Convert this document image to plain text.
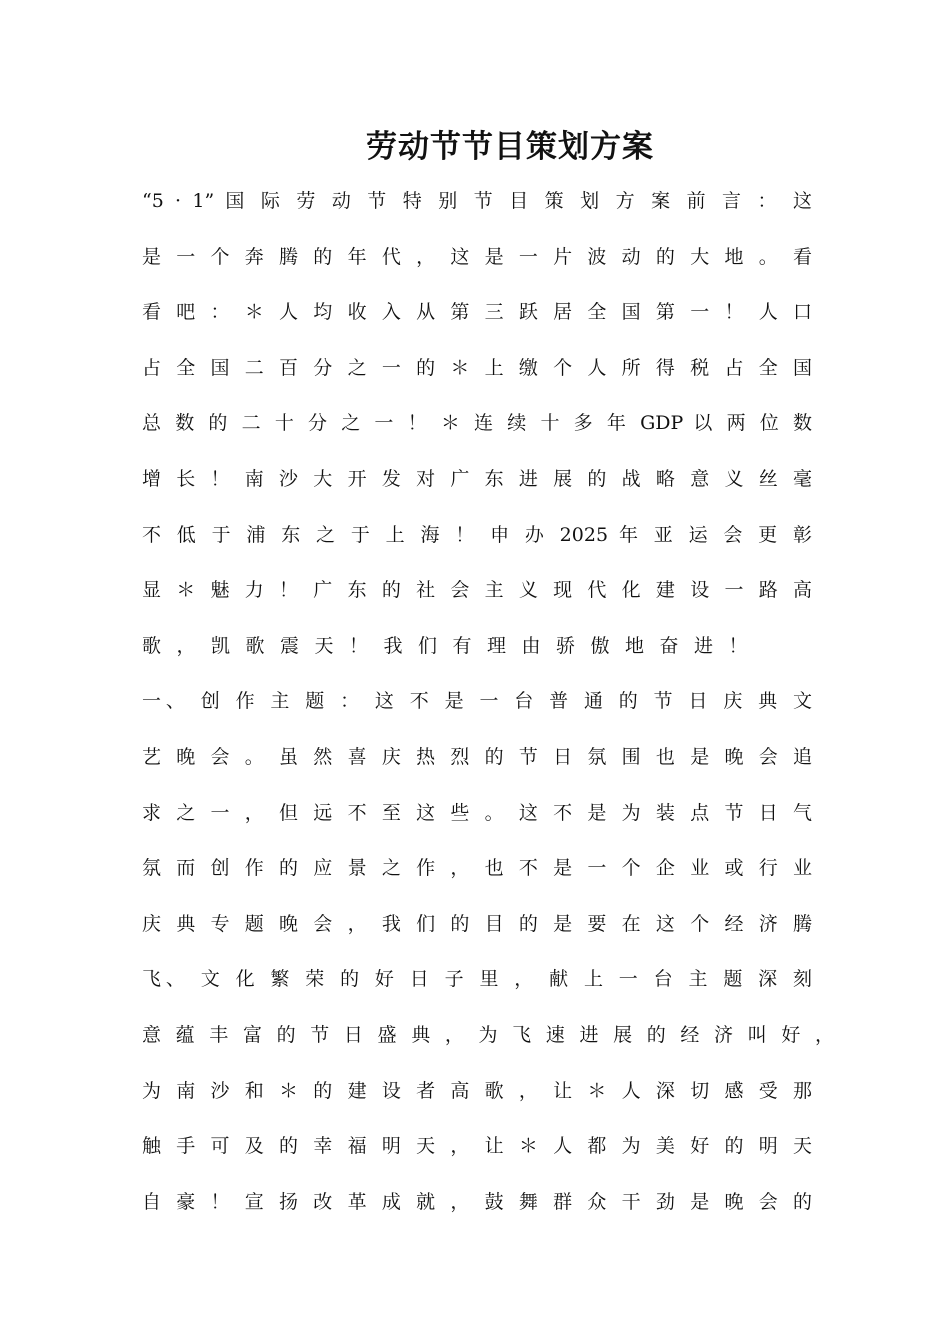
劳动节节目策划方案
“5 · 1” 国 际 劳 动 节 特 别 节 目 策 划 方 案 前 言 ： 这
是 一 个 奔 腾 的 年 代 ， 这 是 一 片 波 动 的 大 地 。 看
看 吧 ： ＊ 人 均 收 入 从 第 三 跃 居 全 国 第 一 ！ 人 口
占 全 国 二 百 分 之 一 的 ＊ 上 缴 个 人 所 得 税 占 全 国
总 数 的 二 十 分 之 一 ！ ＊ 连 续 十 多 年 GDP 以 两 位 数
增 长 ！ 南 沙 大 开 发 对 广 东 进 展 的 战 略 意 义 丝 毫
不 低 于 浦 东 之 于 上 海 ！ 申 办 2025 年 亚 运 会 更 彰
显 ＊ 魅 力 ！ 广 东 的 社 会 主 义 现 代 化 建 设 一 路 高
歌，凯歌震天！我们有理由骄傲地奋进！
一、 创 作 主 题 ： 这 不 是 一 台 普 通 的 节 日 庆 典 文
艺 晚 会 。 虽 然 喜 庆 热 烈 的 节 日 氛 围 也 是 晚 会 追
求 之 一 ， 但 远 不 至 这 些 。 这 不 是 为 装 点 节 日 气
氛 而 创 作 的 应 景 之 作 ， 也 不 是 一 个 企 业 或 行 业
庆 典 专 题 晚 会 ， 我 们 的 目 的 是 要 在 这 个 经 济 腾
飞、 文 化 繁 荣 的 好 日 子 里 ， 献 上 一 台 主 题 深 刻
意 蕴 丰 富 的 节 日 盛 典 ， 为 飞 速 进 展 的 经 济 叫 好 ，
为 南 沙 和 ＊ 的 建 设 者 高 歌 ， 让 ＊ 人 深 切 感 受 那
触 手 可 及 的 幸 福 明 天 ， 让 ＊ 人 都 为 美 好 的 明 天
自 豪 ！ 宣 扬 改 革 成 就 ， 鼓 舞 群 众 干 劲 是 晚 会 的
